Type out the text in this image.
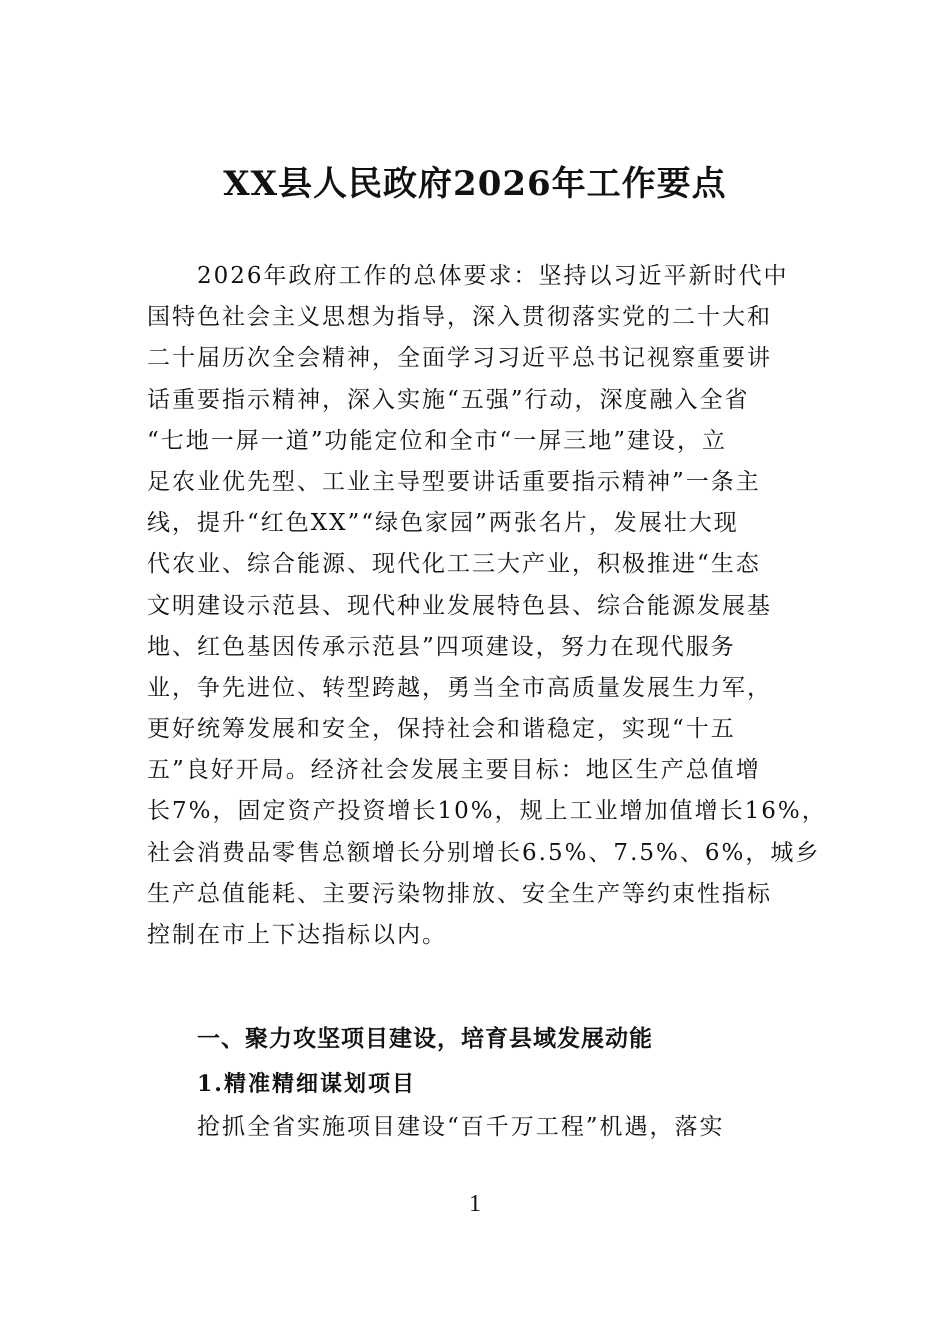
XX县人民政府2026年工作要点
　　2026年政府工作的总体要求：坚持以习近平新时代中
国特色社会主义思想为指导，深入贯彻落实党的二十大和
二十届历次全会精神，全面学习习近平总书记视察重要讲
话重要指示精神，深入实施“五强”行动，深度融入全省
“七地一屏一道”功能定位和全市“一屏三地”建设，立
足农业优先型、工业主导型要讲话重要指示精神”一条主
线，提升“红色XX”“绿色家园”两张名片，发展壮大现
代农业、综合能源、现代化工三大产业，积极推进“生态
文明建设示范县、现代种业发展特色县、综合能源发展基
地、红色基因传承示范县”四项建设，努力在现代服务
业，争先进位、转型跨越，勇当全市高质量发展生力军，
更好统筹发展和安全，保持社会和谐稳定，实现“十五
五”良好开局。经济社会发展主要目标：地区生产总值增
长7%，固定资产投资增长10%，规上工业增加值增长16%，
社会消费品零售总额增长分别增长6.5%、7.5%、6%，城乡
生产总值能耗、主要污染物排放、安全生产等约束性指标
控制在市上下达指标以内。
一、聚力攻坚项目建设，培育县域发展动能
1.精准精细谋划项目
抢抓全省实施项目建设“百千万工程”机遇，落实
1
